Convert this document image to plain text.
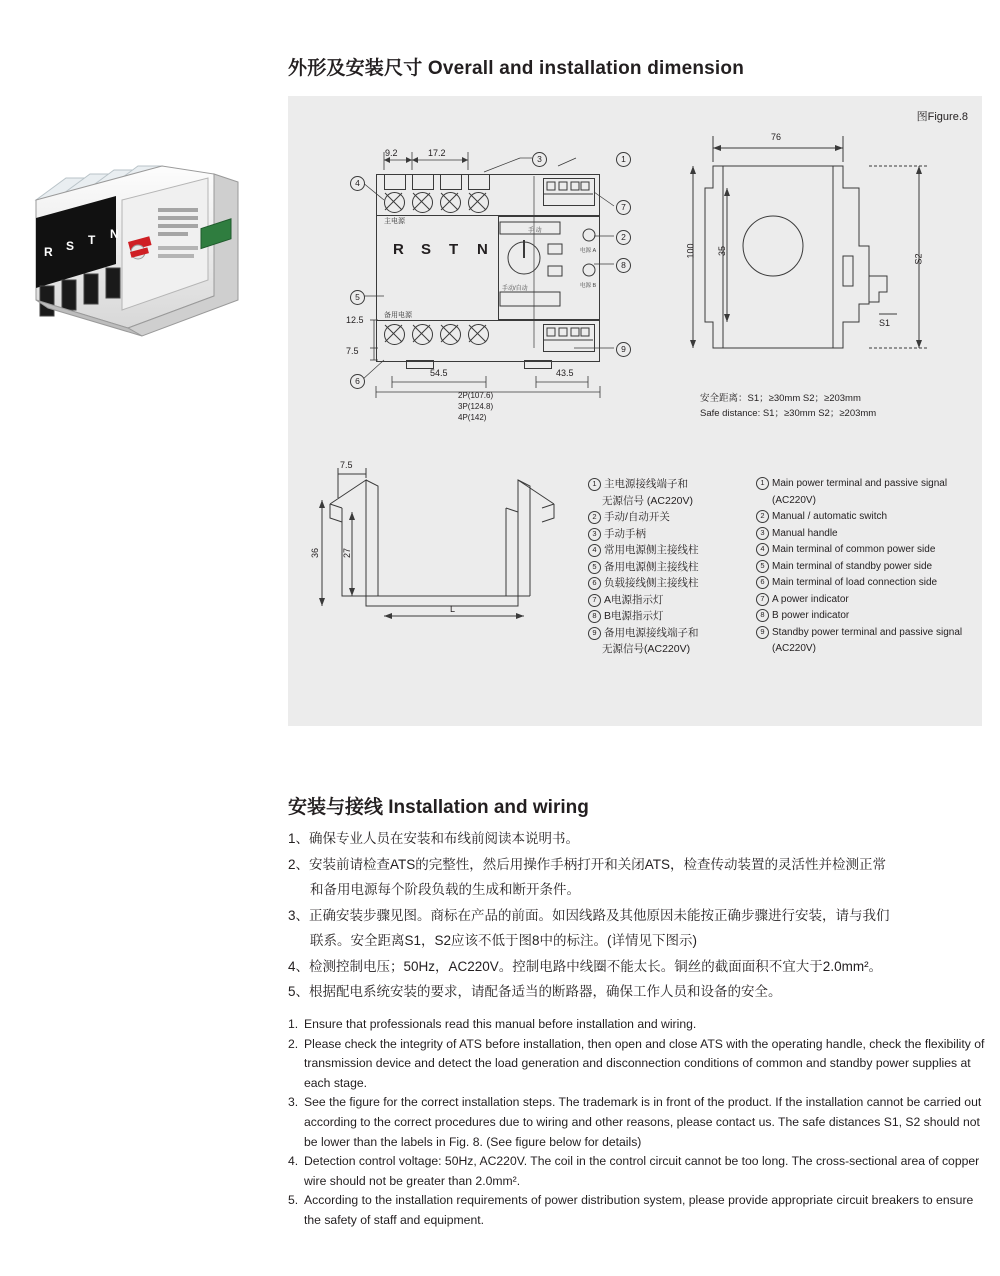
R S T N
外形及安装尺寸 Overall and installation dimension
图Figure.8
R S T N
主电源
备用电源
手动/自动
手 动
电源 A
电源 B
9.2	17.2
12.5
7.5
54.5	43.5
2P(107.6)
3P(124.8)
4P(142)
4
5
6
3	1
7
2
8
9
76
100 35
S2
S1
安全距离：S1；≥30mm S2；≥203mm
Safe distance: S1；≥30mm S2；≥203mm
7.5
36 27
L
1 主电源接线端子和
无源信号 (AC220V)
2 手动/自动开关
3 手动手柄
4 常用电源侧主接线柱
5 备用电源侧主接线柱
6 负载接线侧主接线柱
7 A电源指示灯
8 B电源指示灯
9 备用电源接线端子和
无源信号(AC220V)
1 Main power terminal and passive signal
(AC220V)
2 Manual / automatic switch
3 Manual handle
4 Main terminal of common power side
5 Main terminal of standby power side
6 Main terminal of load connection side
7 A power indicator
8 B power indicator
9 Standby power terminal and passive signal
(AC220V)
安装与接线 Installation and wiring
1、确保专业人员在安装和布线前阅读本说明书。
2、安装前请检查ATS的完整性，然后用操作手柄打开和关闭ATS，检查传动装置的灵活性并检测正常
和备用电源每个阶段负载的生成和断开条件。
3、正确安装步骤见图。商标在产品的前面。如因线路及其他原因未能按正确步骤进行安装，请与我们
联系。安全距离S1，S2应该不低于图8中的标注。(详情见下图示)
4、检测控制电压；50Hz，AC220V。控制电路中线圈不能太长。铜丝的截面面积不宜大于2.0mm²。
5、根据配电系统安装的要求，请配备适当的断路器，确保工作人员和设备的安全。
1. Ensure that professionals read this manual before installation and wiring.
2. Please check the integrity of ATS before installation, then open and close ATS with the operating handle, check the flexibility of transmission device and detect the load generation and disconnection conditions of common and standby power supplies at each stage.
3. See the figure for the correct installation steps. The trademark is in front of the product. If the installation cannot be carried out according to the correct procedures due to wiring and other reasons, please contact us. The safe distances S1, S2 should not be lower than the labels in Fig. 8. (See figure below for details)
4. Detection control voltage: 50Hz, AC220V. The coil in the control circuit cannot be too long. The cross-sectional area of copper wire should not be greater than 2.0mm².
5. According to the installation requirements of power distribution system, please provide appropriate circuit breakers to ensure the safety of staff and equipment.
